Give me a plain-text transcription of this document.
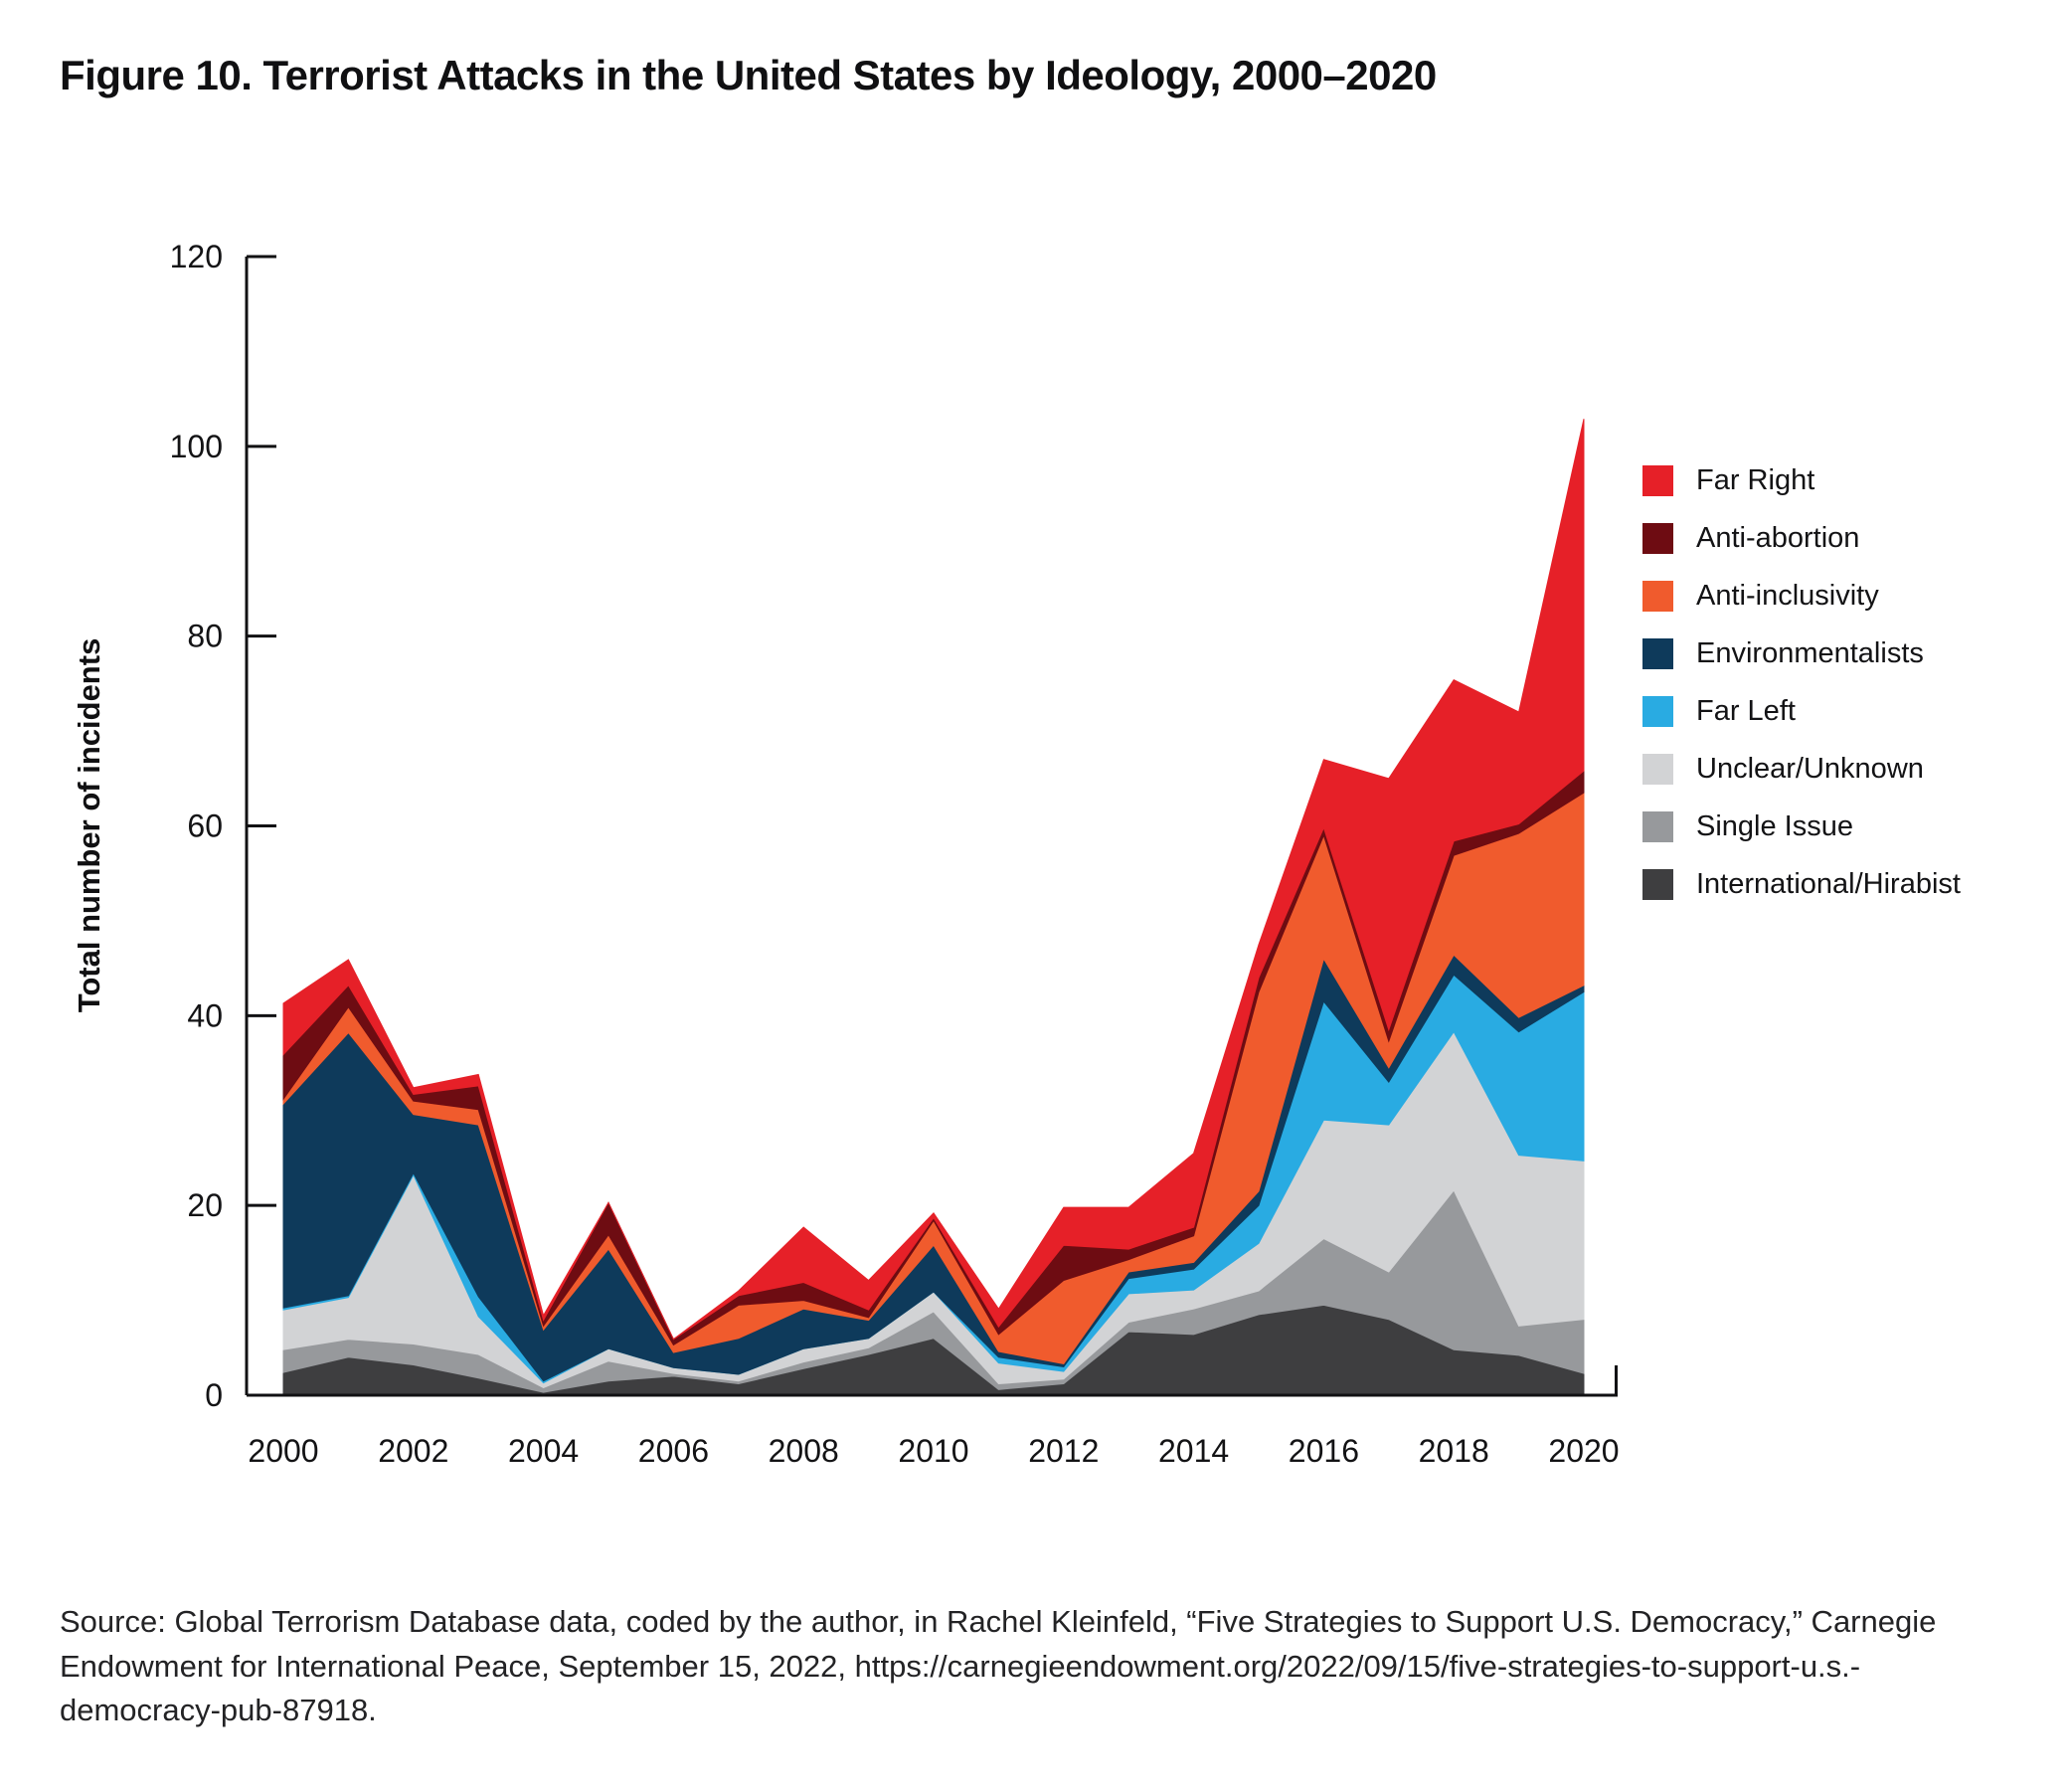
Figure 10. Terrorist Attacks in the United States by Ideology, 2000–2020
0
20
40
60
80
100
120
2000 2002 2004 2006 2008 2010 2012 2014 2016 2018 2020
Total number of incidents
Far Right
Anti-abortion
Anti-inclusivity
Environmentalists
Far Left
Unclear/Unknown
Single Issue
International/Hirabist

Source: Global Terrorism Database data, coded by the author, in Rachel Kleinfeld, “Five Strategies to Support U.S. Democracy,” Carnegie Endowment for International Peace, September 15, 2022, https://carnegieendowment.org/2022/09/15/five-strategies-to-support-u.s.-democracy-pub-87918.
